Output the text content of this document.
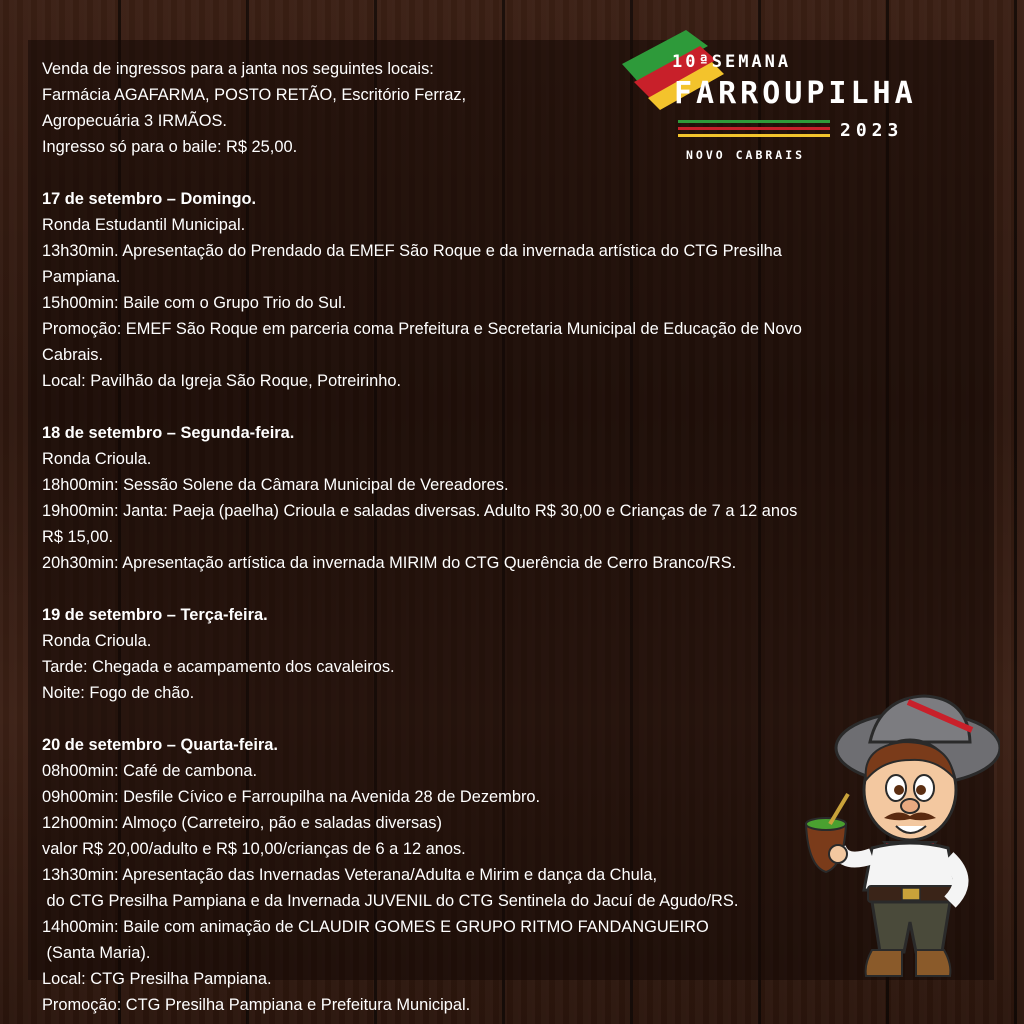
10ªSEMANA
FARROUPILHA
2023
NOVO CABRAIS
Venda de ingressos para a janta nos seguintes locais:
Farmácia AGAFARMA, POSTO RETÃO, Escritório Ferraz,
Agropecuária 3 IRMÃOS.
Ingresso só para o baile: R$ 25,00.
17 de setembro – Domingo.
Ronda Estudantil Municipal.
13h30min. Apresentação do Prendado da EMEF São Roque e da invernada artística do CTG Presilha
Pampiana.
15h00min: Baile com o Grupo Trio do Sul.
Promoção: EMEF São Roque em parceria coma Prefeitura e Secretaria Municipal de Educação de Novo
Cabrais.
Local: Pavilhão da Igreja São Roque, Potreirinho.
18 de setembro – Segunda-feira.
Ronda Crioula.
18h00min: Sessão Solene da Câmara Municipal de Vereadores.
19h00min: Janta: Paeja (paelha) Crioula e saladas diversas. Adulto R$ 30,00 e Crianças de 7 a 12 anos
R$ 15,00.
20h30min: Apresentação artística da invernada MIRIM do CTG Querência de Cerro Branco/RS.
19 de setembro – Terça-feira.
Ronda Crioula.
Tarde: Chegada e acampamento dos cavaleiros.
Noite: Fogo de chão.
20 de setembro – Quarta-feira.
08h00min: Café de cambona.
09h00min: Desfile Cívico e Farroupilha na Avenida 28 de Dezembro.
12h00min: Almoço (Carreteiro, pão e saladas diversas)
valor R$ 20,00/adulto e R$ 10,00/crianças de 6 a 12 anos.
13h30min: Apresentação das Invernadas Veterana/Adulta e Mirim e dança da Chula,
do CTG Presilha Pampiana e da Invernada JUVENIL do CTG Sentinela do Jacuí de Agudo/RS.
14h00min: Baile com animação de CLAUDIR GOMES E GRUPO RITMO FANDANGUEIRO
(Santa Maria).
Local: CTG Presilha Pampiana.
Promoção: CTG Presilha Pampiana e Prefeitura Municipal.
